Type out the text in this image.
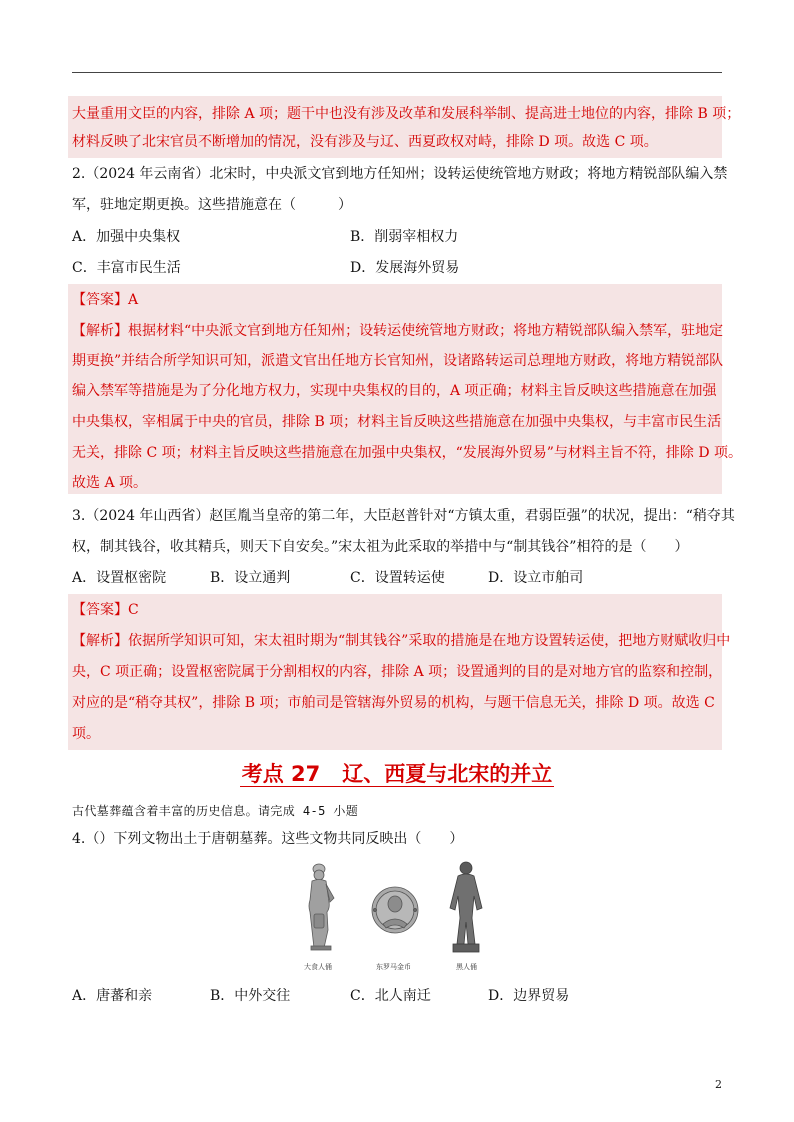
大量重用文臣的内容，排除 A 项；题干中也没有涉及改革和发展科举制、提高进士地位的内容，排除 B 项；
材料反映了北宋官员不断增加的情况，没有涉及与辽、西夏政权对峙，排除 D 项。故选 C 项。
2.（2024 年云南省）北宋时，中央派文官到地方任知州；设转运使统管地方财政；将地方精锐部队编入禁
军，驻地定期更换。这些措施意在（　　　）
A．加强中央集权	B．削弱宰相权力
C．丰富市民生活	D．发展海外贸易
【答案】A
【解析】根据材料“中央派文官到地方任知州；设转运使统管地方财政；将地方精锐部队编入禁军，驻地定
期更换”并结合所学知识可知，派遣文官出任地方长官知州，设诸路转运司总理地方财政，将地方精锐部队
编入禁军等措施是为了分化地方权力，实现中央集权的目的，A 项正确；材料主旨反映这些措施意在加强
中央集权，宰相属于中央的官员，排除 B 项；材料主旨反映这些措施意在加强中央集权，与丰富市民生活
无关，排除 C 项；材料主旨反映这些措施意在加强中央集权，“发展海外贸易”与材料主旨不符，排除 D 项。
故选 A 项。
3.（2024 年山西省）赵匡胤当皇帝的第二年，大臣赵普针对“方镇太重，君弱臣强”的状况，提出：“稍夺其
权，制其钱谷，收其精兵，则天下自安矣。”宋太祖为此采取的举措中与“制其钱谷”相符的是（　　）
A．设置枢密院	B．设立通判	C．设置转运使	D．设立市舶司
【答案】C
【解析】依据所学知识可知，宋太祖时期为“制其钱谷”采取的措施是在地方设置转运使，把地方财赋收归中
央，C 项正确；设置枢密院属于分割相权的内容，排除 A 项；设置通判的目的是对地方官的监察和控制，
对应的是“稍夺其权”，排除 B 项；市舶司是管辖海外贸易的机构，与题干信息无关，排除 D 项。故选 C
项。
考点 27 辽、西夏与北宋的并立
古代墓葬蕴含着丰富的历史信息。请完成 4-5 小题
4.（）下列文物出土于唐朝墓葬。这些文物共同反映出（　　）
大食人俑	东罗马金币	黑人俑
A．唐蕃和亲	B．中外交往	C．北人南迁	D．边界贸易
2
